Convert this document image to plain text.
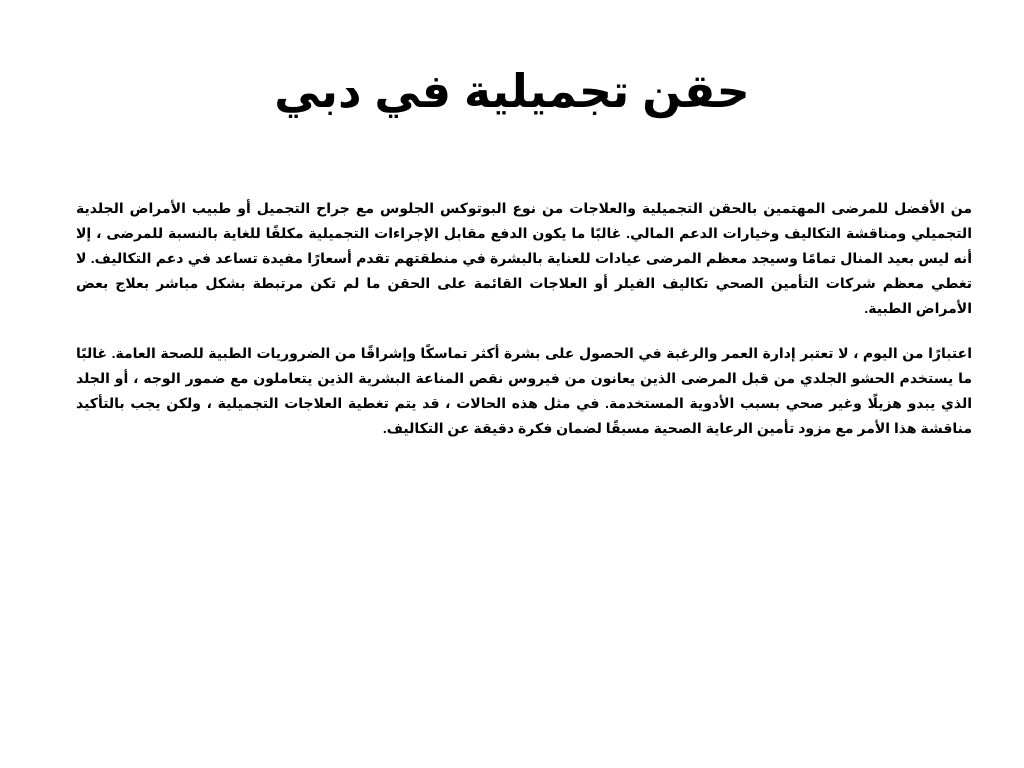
حقن تجميلية في دبي

من الأفضل للمرضى المهتمين بالحقن التجميلية والعلاجات من نوع البوتوكس الجلوس مع جراح التجميل أو طبيب الأمراض الجلدية التجميلي ومناقشة التكاليف وخيارات الدعم المالي. غالبًا ما يكون الدفع مقابل الإجراءات التجميلية مكلفًا للغاية بالنسبة للمرضى ، إلا أنه ليس بعيد المنال تمامًا وسيجد معظم المرضى عيادات للعناية بالبشرة في منطقتهم تقدم أسعارًا مفيدة تساعد في دعم التكاليف. لا تغطي معظم شركات التأمين الصحي تكاليف الفيلر أو العلاجات القائمة على الحقن ما لم تكن مرتبطة بشكل مباشر بعلاج بعض الأمراض الطبية.

اعتبارًا من اليوم ، لا تعتبر إدارة العمر والرغبة في الحصول على بشرة أكثر تماسكًا وإشراقًا من الضروريات الطبية للصحة العامة. غالبًا ما يستخدم الحشو الجلدي من قبل المرضى الذين يعانون من فيروس نقص المناعة البشرية الذين يتعاملون مع ضمور الوجه ، أو الجلد الذي يبدو هزيلًا وغير صحي بسبب الأدوية المستخدمة. في مثل هذه الحالات ، قد يتم تغطية العلاجات التجميلية ، ولكن يجب بالتأكيد مناقشة هذا الأمر مع مزود تأمين الرعاية الصحية مسبقًا لضمان فكرة دقيقة عن التكاليف.
